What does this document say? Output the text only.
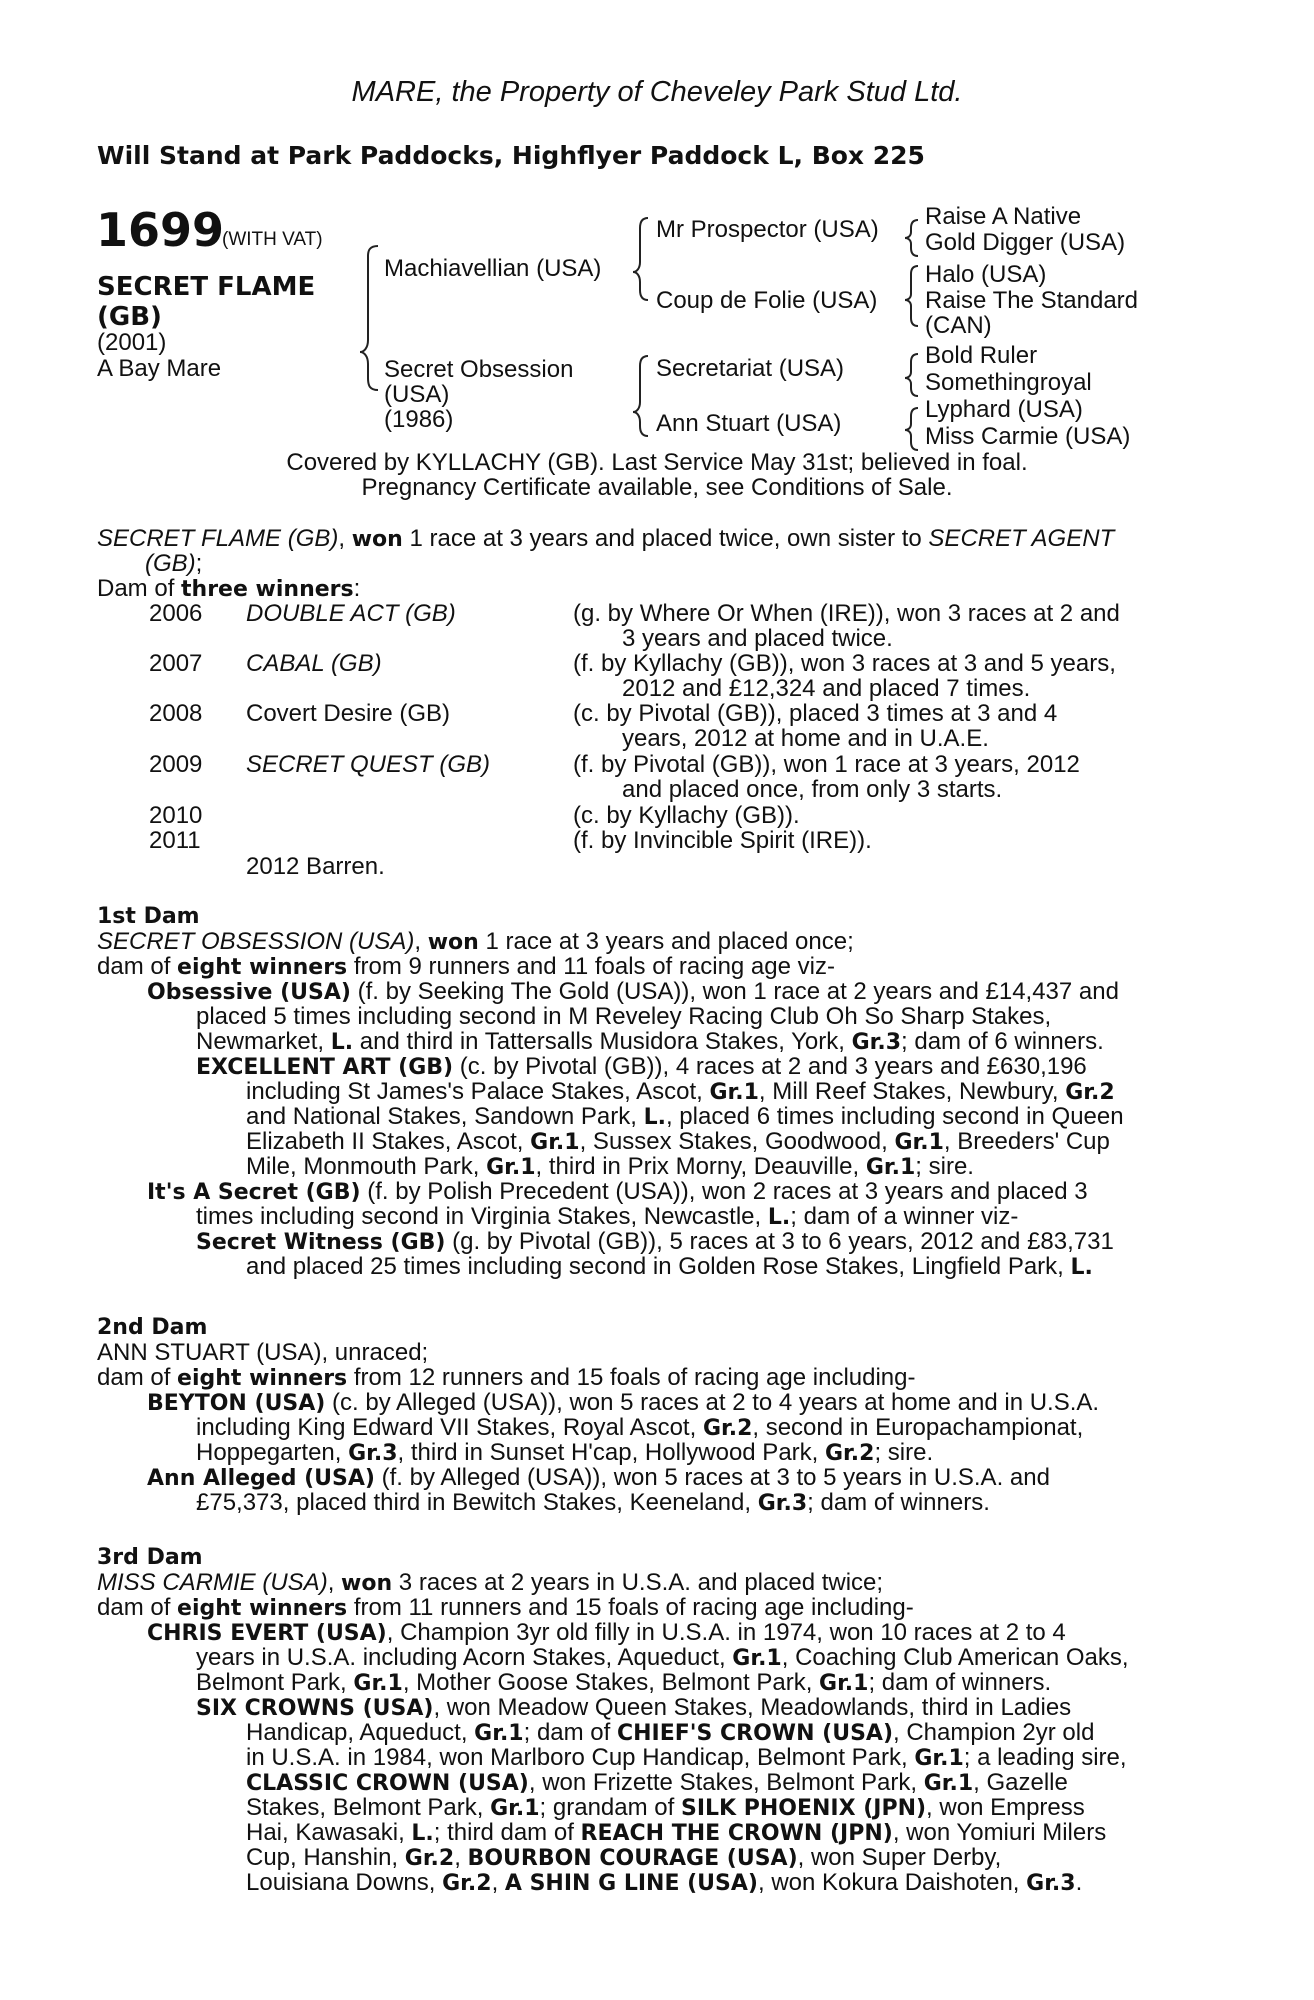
MARE, the Property of Cheveley Park Stud Ltd.
Will Stand at Park Paddocks, Highflyer Paddock L, Box 225
1699
(WITH VAT)
SECRET FLAME
(GB)
(2001)
A Bay Mare
Machiavellian (USA)
Secret Obsession
(USA)
(1986)
Mr Prospector (USA)
Coup de Folie (USA)
Secretariat (USA)
Ann Stuart (USA)
Raise A Native
Gold Digger (USA)
Halo (USA)
Raise The Standard
(CAN)
Bold Ruler
Somethingroyal
Lyphard (USA)
Miss Carmie (USA)
Covered by KYLLACHY (GB). Last Service May 31st; believed in foal.
Pregnancy Certificate available, see Conditions of Sale.
SECRET FLAME (GB), won 1 race at 3 years and placed twice, own sister to SECRET AGENT
(GB);
Dam of three winners:
2006 DOUBLE ACT (GB)	(g. by Where Or When (IRE)), won 3 races at 2 and
3 years and placed twice.
2007 CABAL (GB)	(f. by Kyllachy (GB)), won 3 races at 3 and 5 years,
2012 and £12,324 and placed 7 times.
2008 Covert Desire (GB)	(c. by Pivotal (GB)), placed 3 times at 3 and 4
years, 2012 at home and in U.A.E.
2009 SECRET QUEST (GB)	(f. by Pivotal (GB)), won 1 race at 3 years, 2012
and placed once, from only 3 starts.
2010	(c. by Kyllachy (GB)).
2011	(f. by Invincible Spirit (IRE)).
2012 Barren.
1st Dam
SECRET OBSESSION (USA), won 1 race at 3 years and placed once;
dam of eight winners from 9 runners and 11 foals of racing age viz-
Obsessive (USA) (f. by Seeking The Gold (USA)), won 1 race at 2 years and £14,437 and
placed 5 times including second in M Reveley Racing Club Oh So Sharp Stakes,
Newmarket, L. and third in Tattersalls Musidora Stakes, York, Gr.3; dam of 6 winners.
EXCELLENT ART (GB) (c. by Pivotal (GB)), 4 races at 2 and 3 years and £630,196
including St James's Palace Stakes, Ascot, Gr.1, Mill Reef Stakes, Newbury, Gr.2
and National Stakes, Sandown Park, L., placed 6 times including second in Queen
Elizabeth II Stakes, Ascot, Gr.1, Sussex Stakes, Goodwood, Gr.1, Breeders' Cup
Mile, Monmouth Park, Gr.1, third in Prix Morny, Deauville, Gr.1; sire.
It's A Secret (GB) (f. by Polish Precedent (USA)), won 2 races at 3 years and placed 3
times including second in Virginia Stakes, Newcastle, L.; dam of a winner viz-
Secret Witness (GB) (g. by Pivotal (GB)), 5 races at 3 to 6 years, 2012 and £83,731
and placed 25 times including second in Golden Rose Stakes, Lingfield Park, L.
2nd Dam
ANN STUART (USA), unraced;
dam of eight winners from 12 runners and 15 foals of racing age including-
BEYTON (USA) (c. by Alleged (USA)), won 5 races at 2 to 4 years at home and in U.S.A.
including King Edward VII Stakes, Royal Ascot, Gr.2, second in Europachampionat,
Hoppegarten, Gr.3, third in Sunset H'cap, Hollywood Park, Gr.2; sire.
Ann Alleged (USA) (f. by Alleged (USA)), won 5 races at 3 to 5 years in U.S.A. and
£75,373, placed third in Bewitch Stakes, Keeneland, Gr.3; dam of winners.
3rd Dam
MISS CARMIE (USA), won 3 races at 2 years in U.S.A. and placed twice;
dam of eight winners from 11 runners and 15 foals of racing age including-
CHRIS EVERT (USA), Champion 3yr old filly in U.S.A. in 1974, won 10 races at 2 to 4
years in U.S.A. including Acorn Stakes, Aqueduct, Gr.1, Coaching Club American Oaks,
Belmont Park, Gr.1, Mother Goose Stakes, Belmont Park, Gr.1; dam of winners.
SIX CROWNS (USA), won Meadow Queen Stakes, Meadowlands, third in Ladies
Handicap, Aqueduct, Gr.1; dam of CHIEF'S CROWN (USA), Champion 2yr old
in U.S.A. in 1984, won Marlboro Cup Handicap, Belmont Park, Gr.1; a leading sire,
CLASSIC CROWN (USA), won Frizette Stakes, Belmont Park, Gr.1, Gazelle
Stakes, Belmont Park, Gr.1; grandam of SILK PHOENIX (JPN), won Empress
Hai, Kawasaki, L.; third dam of REACH THE CROWN (JPN), won Yomiuri Milers
Cup, Hanshin, Gr.2, BOURBON COURAGE (USA), won Super Derby,
Louisiana Downs, Gr.2, A SHIN G LINE (USA), won Kokura Daishoten, Gr.3.
